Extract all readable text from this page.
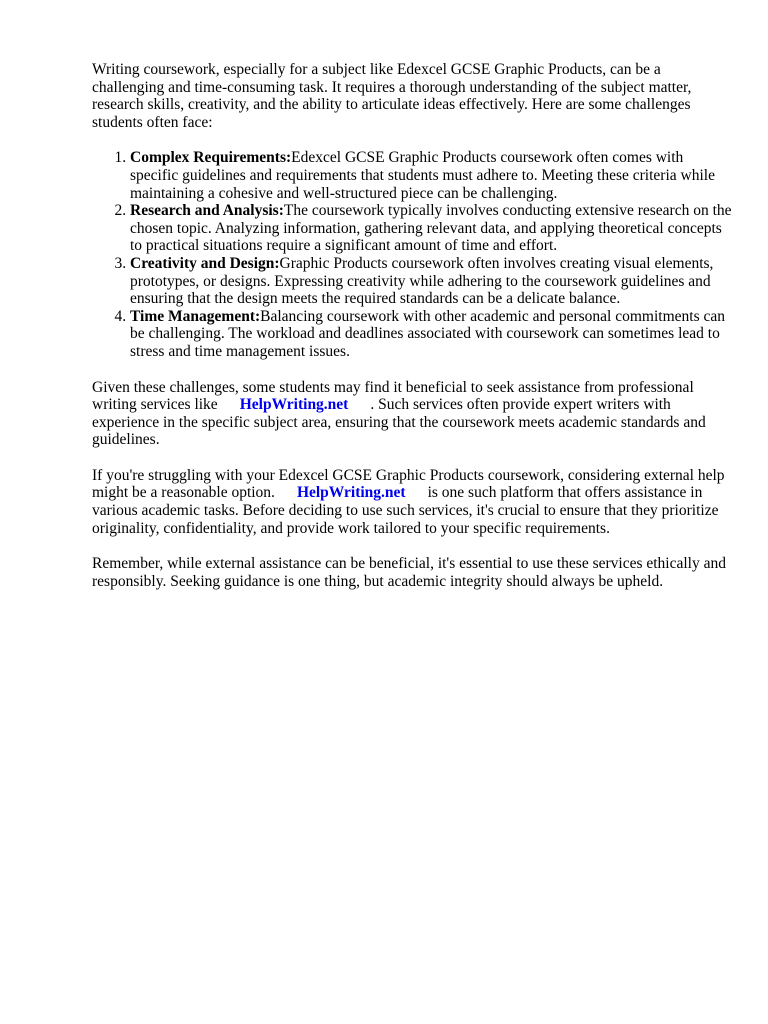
Writing coursework, especially for a subject like Edexcel GCSE Graphic Products, can be a challenging and time-consuming task. It requires a thorough understanding of the subject matter, research skills, creativity, and the ability to articulate ideas effectively. Here are some challenges students often face:

1. Complex Requirements:Edexcel GCSE Graphic Products coursework often comes with specific guidelines and requirements that students must adhere to. Meeting these criteria while maintaining a cohesive and well-structured piece can be challenging.
2. Research and Analysis:The coursework typically involves conducting extensive research on the chosen topic. Analyzing information, gathering relevant data, and applying theoretical concepts to practical situations require a significant amount of time and effort.
3. Creativity and Design:Graphic Products coursework often involves creating visual elements, prototypes, or designs. Expressing creativity while adhering to the coursework guidelines and ensuring that the design meets the required standards can be a delicate balance.
4. Time Management:Balancing coursework with other academic and personal commitments can be challenging. The workload and deadlines associated with coursework can sometimes lead to stress and time management issues.

Given these challenges, some students may find it beneficial to seek assistance from professional writing services like HelpWriting.net . Such services often provide expert writers with experience in the specific subject area, ensuring that the coursework meets academic standards and guidelines.

If you're struggling with your Edexcel GCSE Graphic Products coursework, considering external help might be a reasonable option. HelpWriting.net is one such platform that offers assistance in various academic tasks. Before deciding to use such services, it's crucial to ensure that they prioritize originality, confidentiality, and provide work tailored to your specific requirements.

Remember, while external assistance can be beneficial, it's essential to use these services ethically and responsibly. Seeking guidance is one thing, but academic integrity should always be upheld.
